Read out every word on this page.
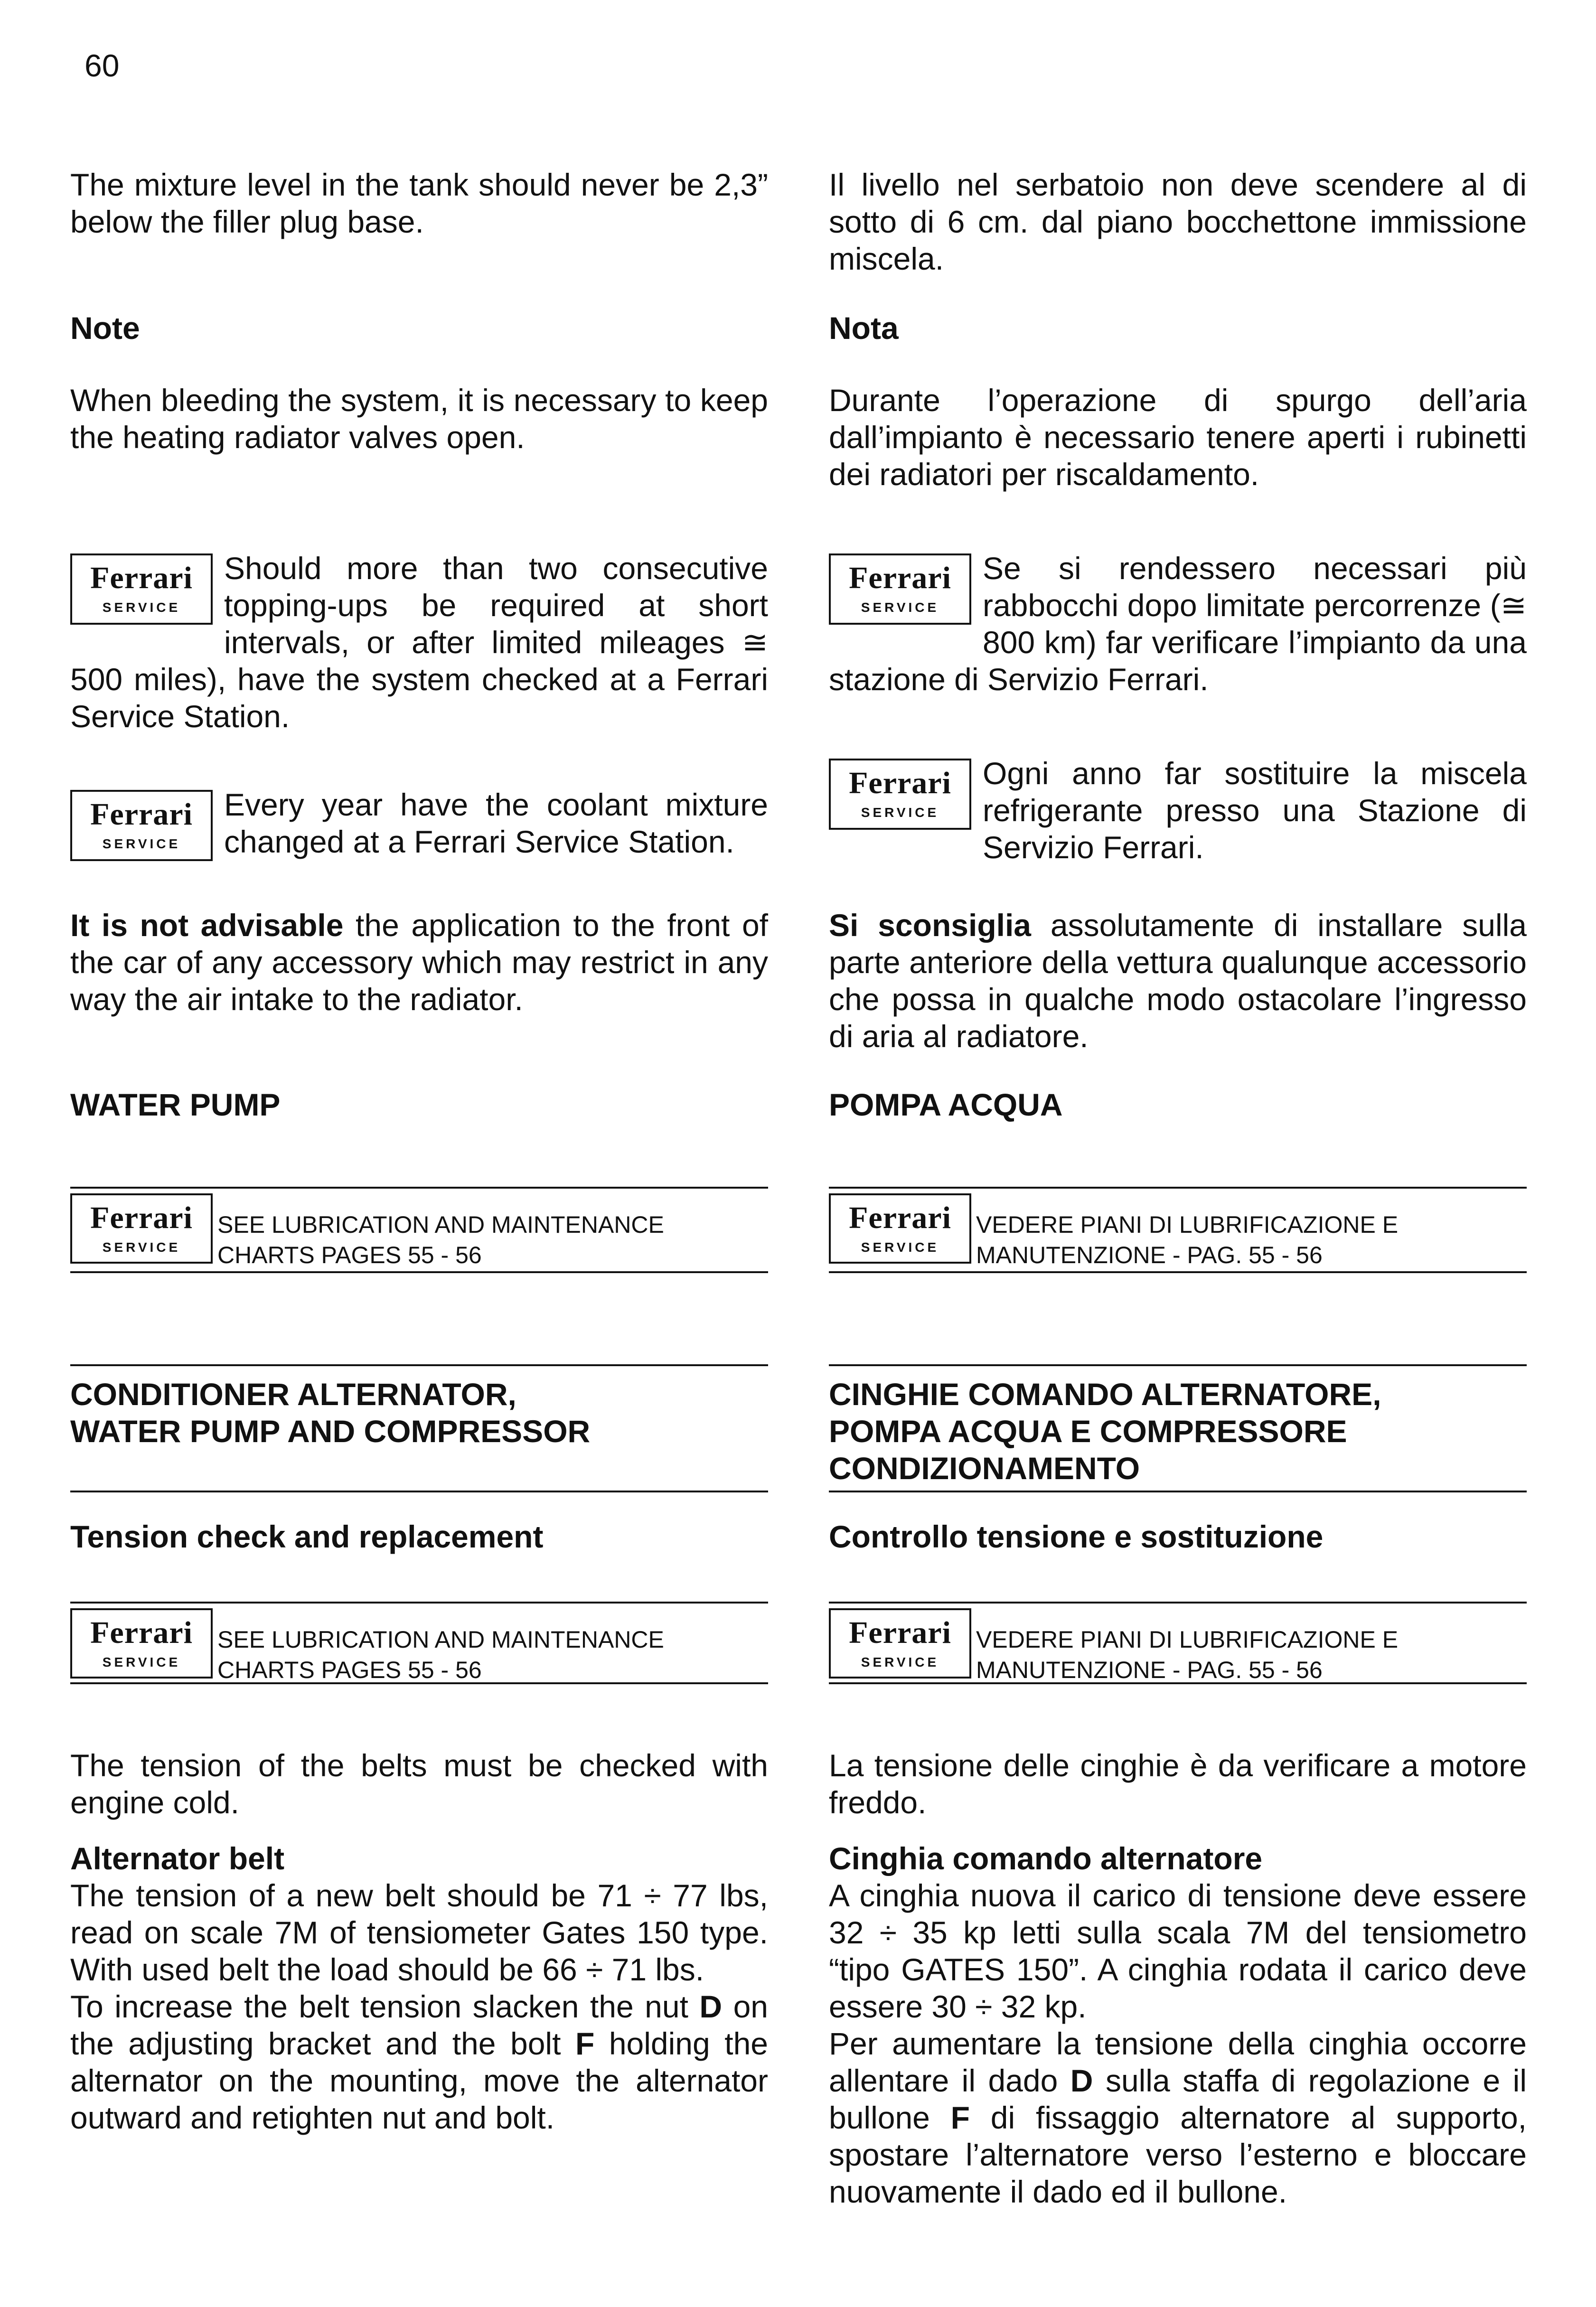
60

The mixture level in the tank should never be 2,3” below the filler plug base.

Note

When bleeding the system, it is necessary to keep the heating radiator valves open.

Ferrari
SERVICE
Should more than two consecutive topping-ups be required at short intervals, or after limited mileages ≅ 500 miles), have the system checked at a Ferrari Service Station.

Ferrari
SERVICE
Every year have the coolant mixture changed at a Ferrari Service Station.

It is not advisable the application to the front of the car of any accessory which may restrict in any way the air intake to the radiator.

WATER PUMP
Ferrari
SERVICE
SEE LUBRICATION AND MAINTENANCE
CHARTS PAGES 55 - 56
CONDITIONER ALTERNATOR,
WATER PUMP AND COMPRESSOR
Tension check and replacement
Ferrari
SERVICE
SEE LUBRICATION AND MAINTENANCE
CHARTS PAGES 55 - 56

The tension of the belts must be checked with engine cold.

Alternator belt

The tension of a new belt should be 71 ÷ 77 lbs, read on scale 7M of tensiometer Gates 150 type. With used belt the load should be 66 ÷ 71 lbs.

To increase the belt tension slacken the nut D on the adjusting bracket and the bolt F holding the alternator on the mounting, move the alternator outward and retighten nut and bolt.

Il livello nel serbatoio non deve scendere al di sotto di 6 cm. dal piano bocchettone immissione miscela.

Nota

Durante l’operazione di spurgo dell’aria dall’impianto è necessario tenere aperti i rubinetti dei radiatori per riscaldamento.

Ferrari
SERVICE
Se si rendessero necessari più rabbocchi dopo limitate percorrenze (≅ 800 km) far verificare l’impianto da una stazione di Servizio Ferrari.

Ferrari
SERVICE
Ogni anno far sostituire la miscela refrigerante presso una Stazione di Servizio Ferrari.

Si sconsiglia assolutamente di installare sulla parte anteriore della vettura qualunque accessorio che possa in qualche modo ostacolare l’ingresso di aria al radiatore.

POMPA ACQUA
Ferrari
SERVICE
VEDERE PIANI DI LUBRIFICAZIONE E
MANUTENZIONE - PAG. 55 - 56
CINGHIE COMANDO ALTERNATORE,
POMPA ACQUA E COMPRESSORE
CONDIZIONAMENTO
Controllo tensione e sostituzione
Ferrari
SERVICE
VEDERE PIANI DI LUBRIFICAZIONE E
MANUTENZIONE - PAG. 55 - 56

La tensione delle cinghie è da verificare a motore freddo.

Cinghia comando alternatore

A cinghia nuova il carico di tensione deve essere 32 ÷ 35 kp letti sulla scala 7M del tensiometro “tipo GATES 150”. A cinghia rodata il carico deve essere 30 ÷ 32 kp.

Per aumentare la tensione della cinghia occorre allentare il dado D sulla staffa di regolazione e il bullone F di fissaggio alternatore al supporto, spostare l’alternatore verso l’esterno e bloccare nuovamente il dado ed il bullone.
